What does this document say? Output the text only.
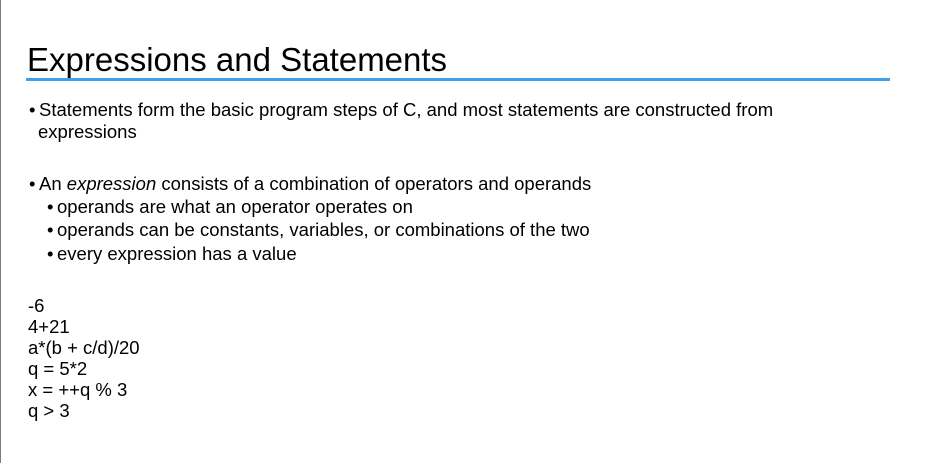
Expressions and Statements
• Statements form the basic program steps of C, and most statements are constructed from
expressions
• An expression consists of a combination of operators and operands
• operands are what an operator operates on
• operands can be constants, variables, or combinations of the two
• every expression has a value
-6
4+21
a*(b + c/d)/20
q = 5*2
x = ++q % 3
q > 3
